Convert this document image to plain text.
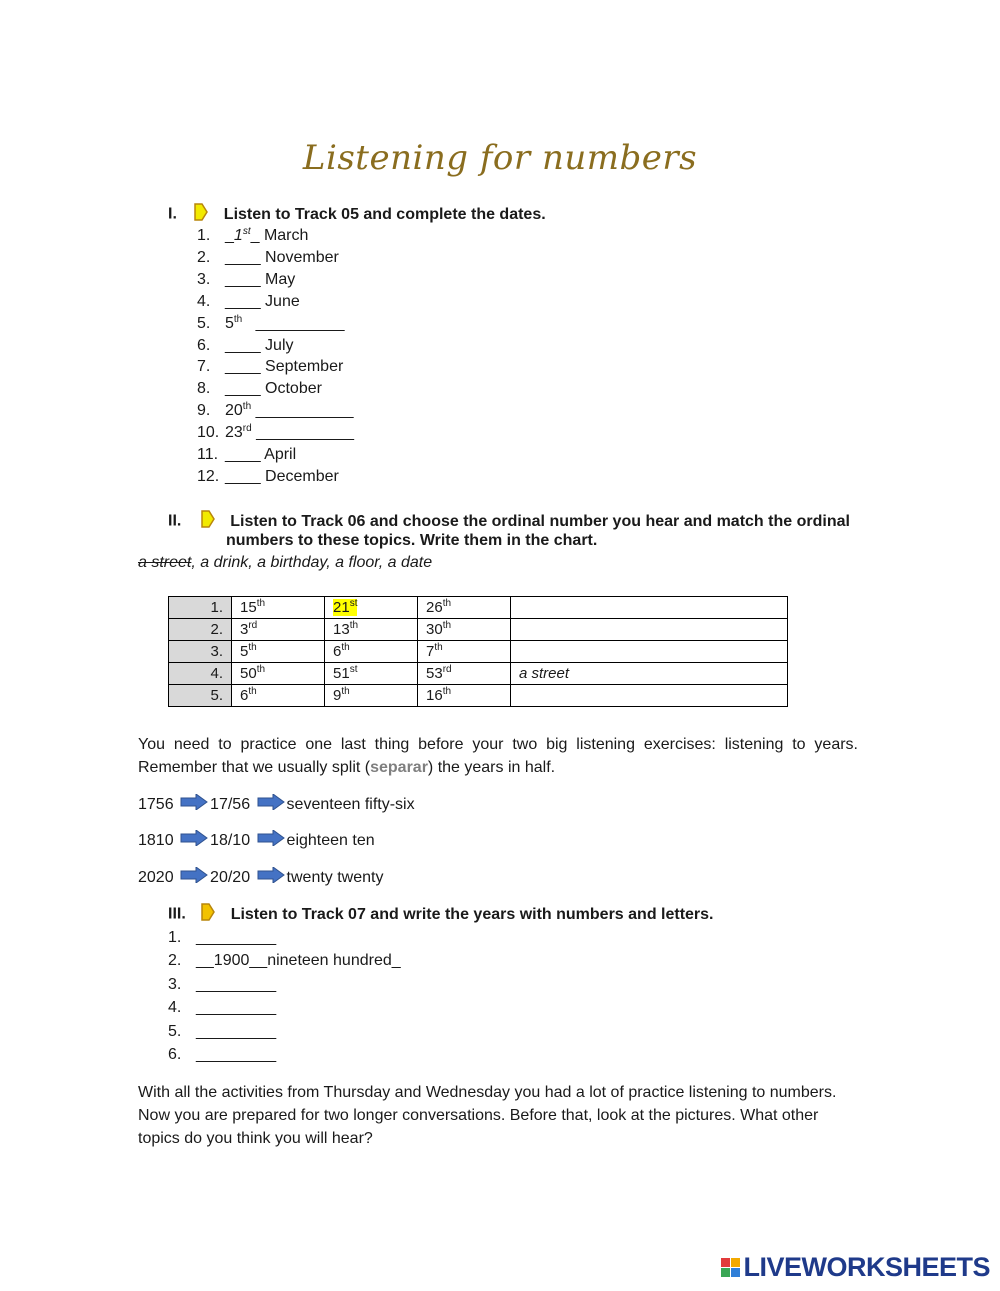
Listening for numbers
I.	Listen to Track 05 and complete the dates.
1. _1st_ March
2. ____ November
3. ____ May
4. ____ June
5. 5th   __________
6. ____ July
7. ____ September
8. ____ October
9. 20th ___________
10. 23rd ___________
11. ____ April
12. ____ December
II.	Listen to Track 06 and choose the ordinal number you hear and match the ordinal
numbers to these topics. Write them in the chart.
a street, a drink, a birthday, a floor, a date
1.	15th	21st	26th	
2.	3rd	13th	30th	
3.	5th	6th	7th	
4.	50th	51st	53rd	a street
5.	6th	9th	16th	
You need to practice one last thing before your two big listening exercises: listening to years.
Remember that we usually split (separar) the years in half.
1756 17/56 seventeen fifty-six
1810 18/10 eighteen ten
2020 20/20 twenty twenty
III.	Listen to Track 07 and write the years with numbers and letters.
1. _________
2. __1900__nineteen hundred_
3. _________
4. _________
5. _________
6. _________
With all the activities from Thursday and Wednesday you had a lot of practice listening to numbers.
Now you are prepared for two longer conversations. Before that, look at the pictures. What other
topics do you think you will hear?
LIVEWORKSHEETS
